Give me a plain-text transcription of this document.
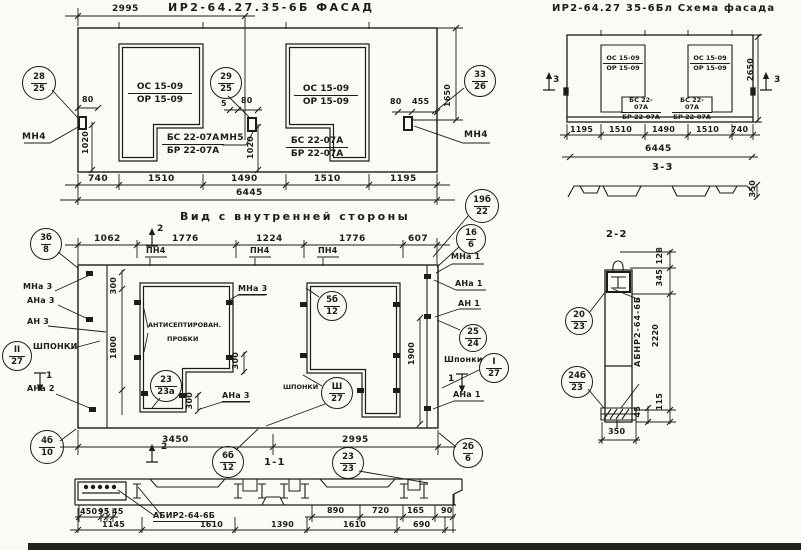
2995	ИР2-64.27.35-6Б ФАСАД
ОС 15-09
ОР 15-09
ОС 15-09
ОР 15-09
БС 22-07А
БР 22-07А
БС 22-07А
БР 22-07А
МН4	МН5	МН4
80	5 80	80 455
1020	1020
1650
740	1510	1490	1510	1195
6445
$\frac{28}{25}$	$\frac{29}{25}$	$\frac{33}{26}$
ИР2-64.27 35-6Бл Схема фасада
ОС 15-09
ОР 15-09
ОС 15-09
ОР 15-09
БС 22-07А
БР 22-07А
БС 22-07А
БР 22-07А
3	3
2650
1195 1510 1490	1510 740
6445
3-3
350
Вид с внутренней стороны
1062	1776	1224	1776	607
ПН4	ПН4	ПН4
2
2
1	1
МНа 3
АНа 3
АН 3
ШПОНКИ
АНа 2
МНа 3
АНа 3
ШПОНКИ
АНТИСЕПТИРОВАН.
ПРОБКИ
МНа 1
АНа 1
АН 1
Шпонки
АНа 1
300
1800
300
300
1900
3450	2995
1-1
3б
8
19б
22
$\frac{16}{6}$
$\frac{II}{27}$
23
23а
5б
12
Ш
27
$\frac{25}{24}$
$\frac{I}{27}$
4б
10	6б
12	$\frac{23}{23}$	2б
6
450 95 45	АБИР2-64-6Б
890	720 165 90
1145	1610	1390	1610	690
2-2
АБНР2-64-6Б 2220
128
345
115
45
350
$\frac{20}{23}$
24б
23
